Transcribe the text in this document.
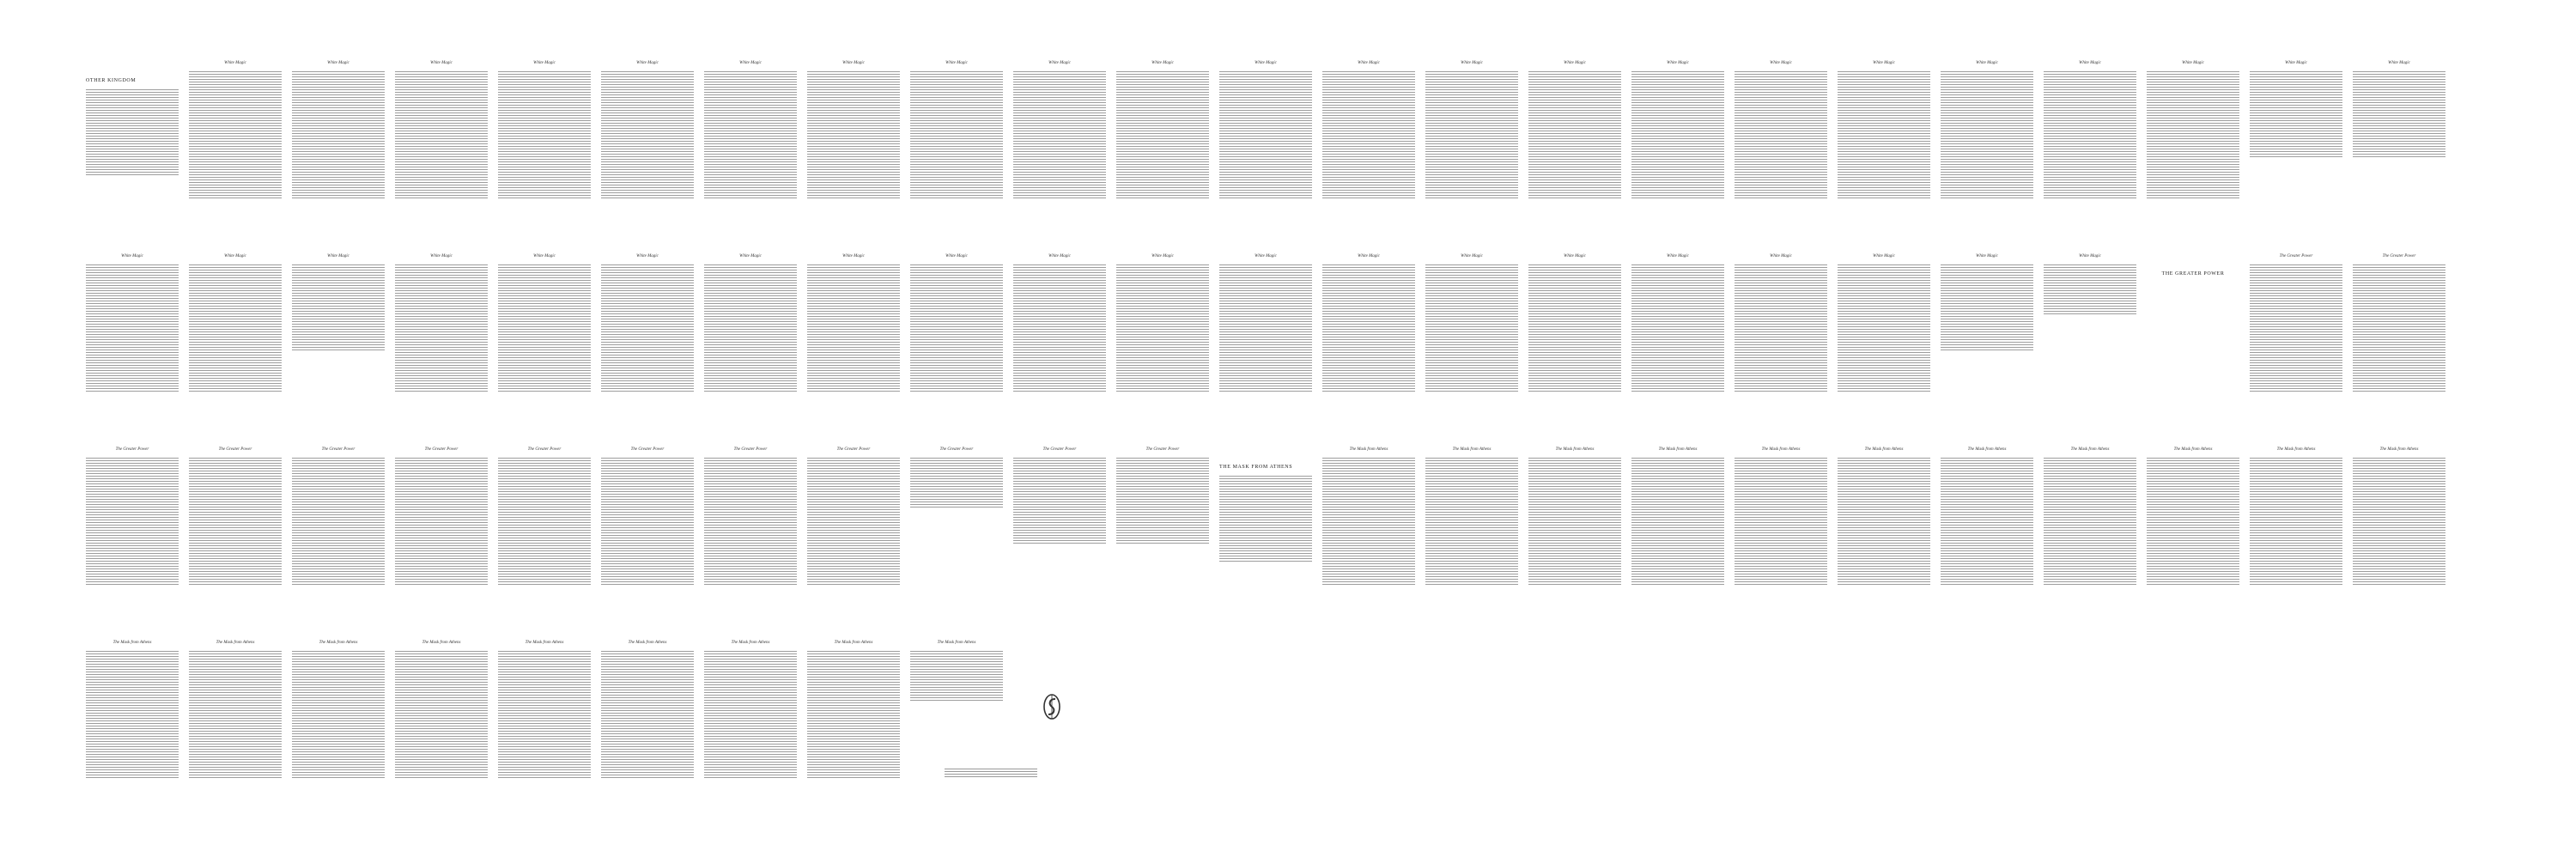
OTHER KINGDOM
White Magic	White Magic	White Magic	White Magic	White Magic	White Magic	White Magic	White Magic	White Magic	White Magic	White Magic	White Magic	White Magic	White Magic	White Magic	White Magic	White Magic	White Magic	White Magic	White Magic	White Magic	White Magic
White Magic	White Magic	White Magic	White Magic	White Magic	White Magic	White Magic	White Magic	White Magic	White Magic	White Magic	White Magic	White Magic	White Magic	White Magic	White Magic	White Magic	White Magic	White Magic	White Magic
THE GREATER POWER
The Greater Power	The Greater Power
The Greater Power	The Greater Power	The Greater Power	The Greater Power	The Greater Power	The Greater Power	The Greater Power	The Greater Power	The Greater Power	The Greater Power	The Greater Power
THE MASK FROM ATHENS
The Mask from Athens	The Mask from Athens	The Mask from Athens	The Mask from Athens	The Mask from Athens	The Mask from Athens	The Mask from Athens	The Mask from Athens	The Mask from Athens	The Mask from Athens	The Mask from Athens
The Mask from Athens	The Mask from Athens	The Mask from Athens	The Mask from Athens	The Mask from Athens	The Mask from Athens	The Mask from Athens	The Mask from Athens	The Mask from Athens
